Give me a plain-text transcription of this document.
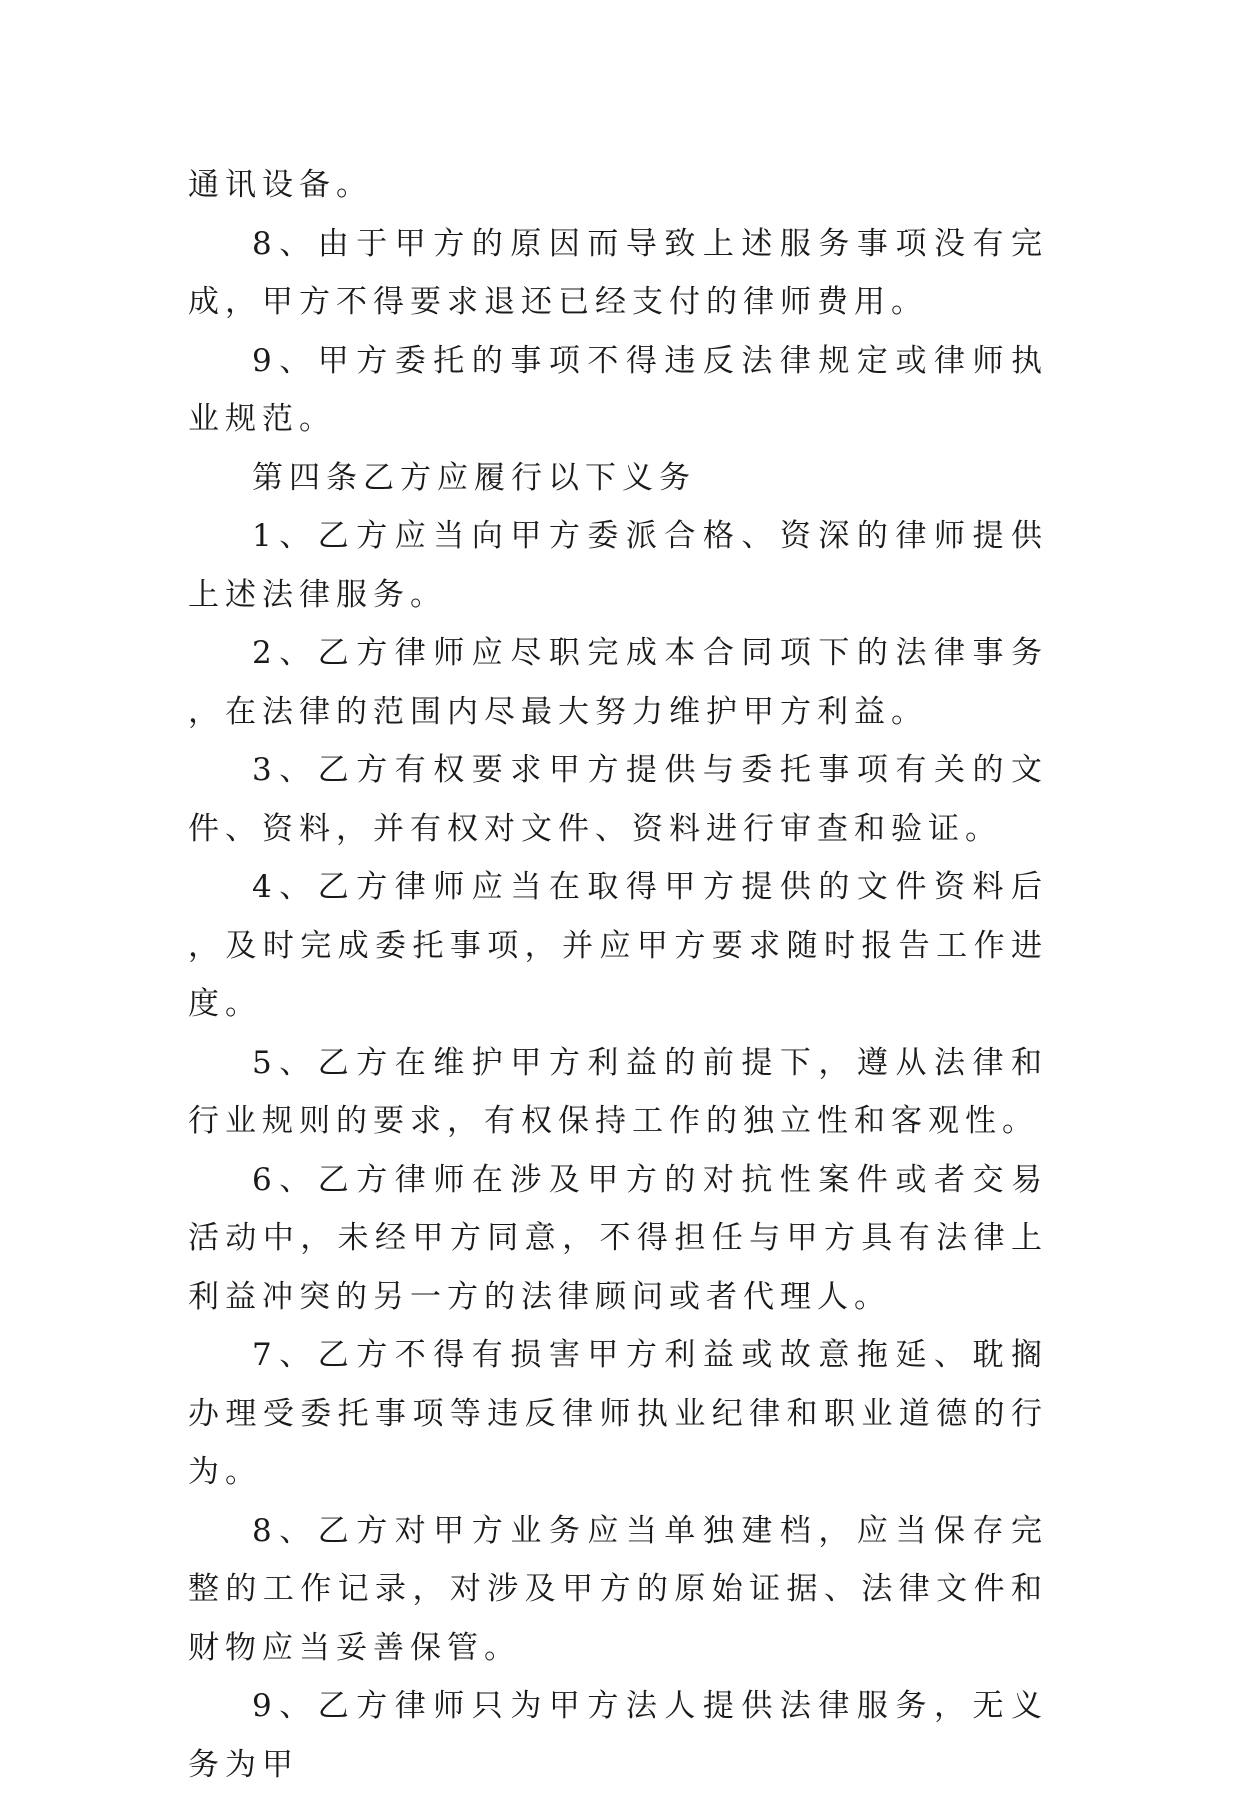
通讯设备。

8、由于甲方的原因而导致上述服务事项没有完成，甲方不得要求退还已经支付的律师费用。

9、甲方委托的事项不得违反法律规定或律师执业规范。

第四条乙方应履行以下义务

1、乙方应当向甲方委派合格、资深的律师提供上述法律服务。

2、乙方律师应尽职完成本合同项下的法律事务，在法律的范围内尽最大努力维护甲方利益。

3、乙方有权要求甲方提供与委托事项有关的文件、资料，并有权对文件、资料进行审查和验证。

4、乙方律师应当在取得甲方提供的文件资料后，及时完成委托事项，并应甲方要求随时报告工作进度。

5、乙方在维护甲方利益的前提下，遵从法律和行业规则的要求，有权保持工作的独立性和客观性。

6、乙方律师在涉及甲方的对抗性案件或者交易活动中，未经甲方同意，不得担任与甲方具有法律上利益冲突的另一方的法律顾问或者代理人。

7、乙方不得有损害甲方利益或故意拖延、耽搁办理受委托事项等违反律师执业纪律和职业道德的行为。

8、乙方对甲方业务应当单独建档，应当保存完整的工作记录，对涉及甲方的原始证据、法律文件和财物应当妥善保管。

9、乙方律师只为甲方法人提供法律服务，无义务为甲
